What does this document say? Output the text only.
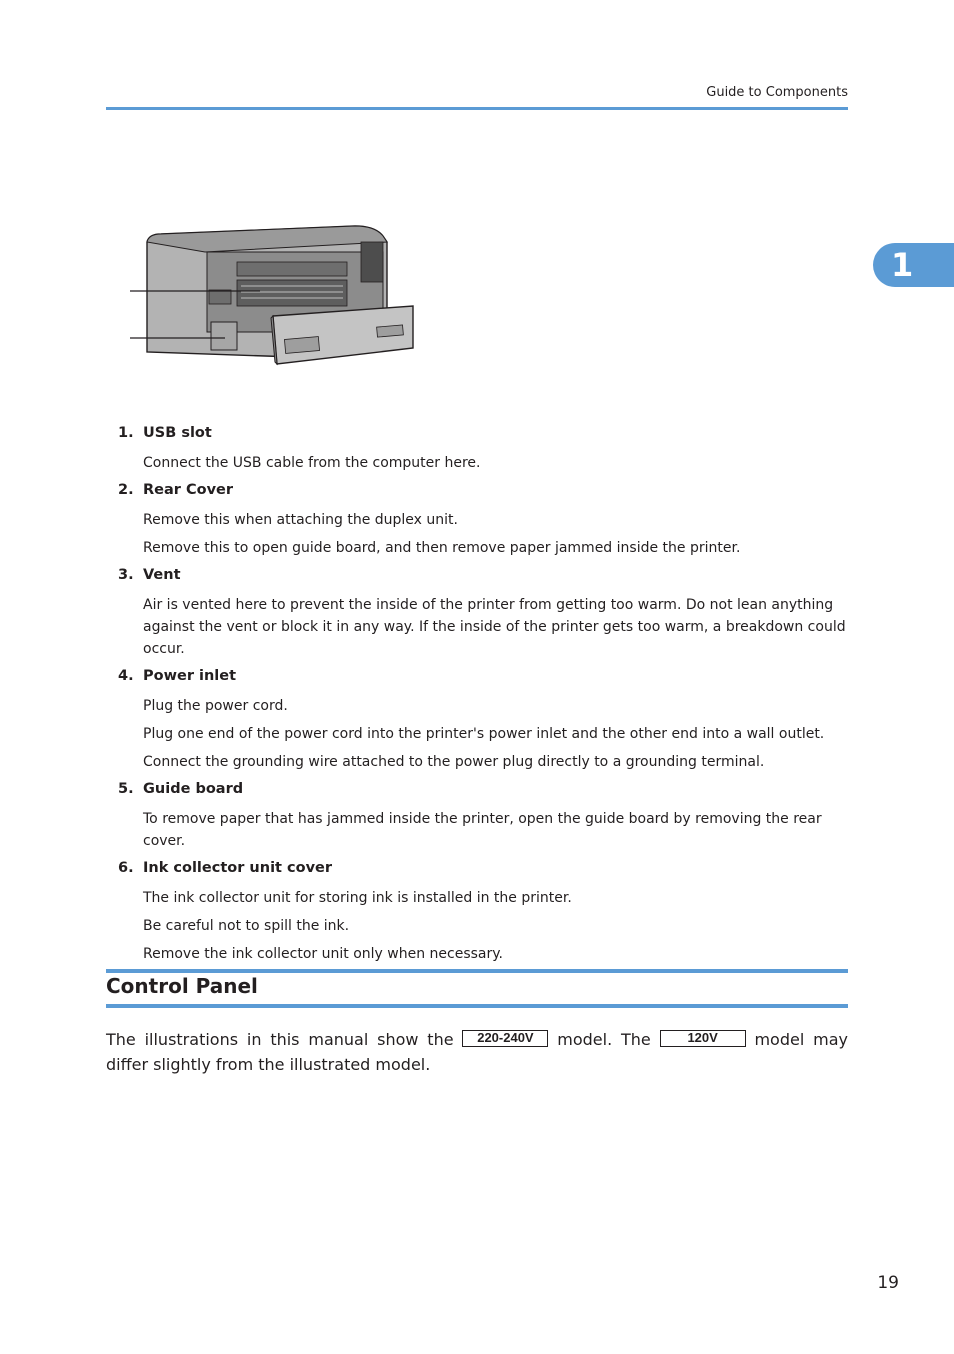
Guide to Components
1
1. USB slot
Connect the USB cable from the computer here.
2. Rear Cover
Remove this when attaching the duplex unit.
Remove this to open guide board, and then remove paper jammed inside the printer.
3. Vent
Air is vented here to prevent the inside of the printer from getting too warm. Do not lean anything against the vent or block it in any way. If the inside of the printer gets too warm, a breakdown could occur.
4. Power inlet
Plug the power cord.
Plug one end of the power cord into the printer's power inlet and the other end into a wall outlet.
Connect the grounding wire attached to the power plug directly to a grounding terminal.
5. Guide board
To remove paper that has jammed inside the printer, open the guide board by removing the rear cover.
6. Ink collector unit cover
The ink collector unit for storing ink is installed in the printer.
Be careful not to spill the ink.
Remove the ink collector unit only when necessary.
Control Panel
The illustrations in this manual show the 220-240V model. The	120V model may differ slightly from the illustrated model.
19
